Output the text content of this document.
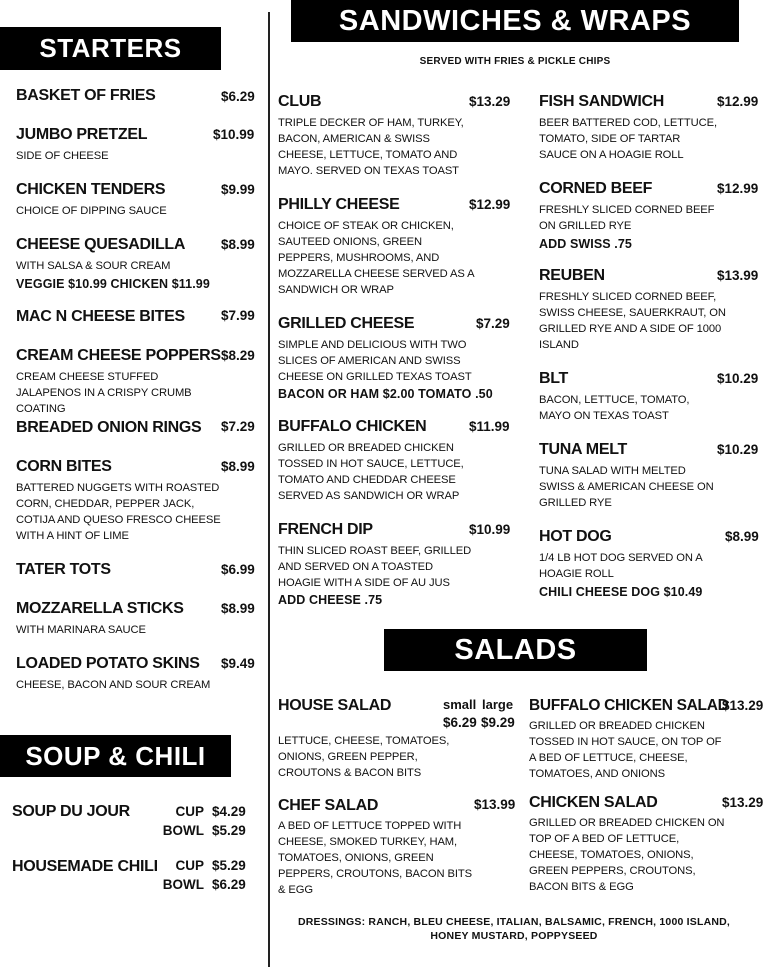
STARTERS
BASKET OF FRIES	$6.29
JUMBO PRETZEL	$10.99
SIDE OF CHEESE
CHICKEN TENDERS	$9.99
CHOICE OF DIPPING SAUCE
CHEESE QUESADILLA	$8.99
WITH SALSA & SOUR CREAM
VEGGIE $10.99 CHICKEN $11.99
MAC N CHEESE BITES	$7.99
CREAM CHEESE POPPERS $8.29
CREAM CHEESE STUFFED JALAPENOS IN A CRISPY CRUMB COATING
BREADED ONION RINGS $7.29
CORN BITES	$8.99
BATTERED NUGGETS WITH ROASTED CORN, CHEDDAR, PEPPER JACK, COTIJA AND QUESO FRESCO CHEESE WITH A HINT OF LIME
TATER TOTS	$6.99
MOZZARELLA STICKS	$8.99
WITH MARINARA SAUCE
LOADED POTATO SKINS $9.49
CHEESE, BACON AND SOUR CREAM
SOUP & CHILI
SOUP DU JOUR	CUP $4.29
BOWL $5.29
HOUSEMADE CHILI	CUP $5.29
BOWL $6.29
SANDWICHES & WRAPS
SERVED WITH FRIES & PICKLE CHIPS
CLUB	$13.29
TRIPLE DECKER OF HAM, TURKEY, BACON, AMERICAN & SWISS CHEESE, LETTUCE, TOMATO AND MAYO. SERVED ON TEXAS TOAST
PHILLY CHEESE	$12.99
CHOICE OF STEAK OR CHICKEN, SAUTEED ONIONS, GREEN PEPPERS, MUSHROOMS, AND MOZZARELLA CHEESE SERVED AS A SANDWICH OR WRAP
GRILLED CHEESE	$7.29
SIMPLE AND DELICIOUS WITH TWO SLICES OF AMERICAN AND SWISS CHEESE ON GRILLED TEXAS TOAST
BACON OR HAM $2.00 TOMATO .50
BUFFALO CHICKEN	$11.99
GRILLED OR BREADED CHICKEN TOSSED IN HOT SAUCE, LETTUCE, TOMATO AND CHEDDAR CHEESE SERVED AS SANDWICH OR WRAP
FRENCH DIP	$10.99
THIN SLICED ROAST BEEF, GRILLED AND SERVED ON A TOASTED HOAGIE WITH A SIDE OF AU JUS
ADD CHEESE .75
FISH SANDWICH	$12.99
BEER BATTERED COD, LETTUCE, TOMATO, SIDE OF TARTAR SAUCE ON A HOAGIE ROLL
CORNED BEEF	$12.99
FRESHLY SLICED CORNED BEEF ON GRILLED RYE
ADD SWISS .75
REUBEN	$13.99
FRESHLY SLICED CORNED BEEF, SWISS CHEESE, SAUERKRAUT, ON GRILLED RYE AND A SIDE OF 1000 ISLAND
BLT	$10.29
BACON, LETTUCE, TOMATO, MAYO ON TEXAS TOAST
TUNA MELT	$10.29
TUNA SALAD WITH MELTED SWISS & AMERICAN CHEESE ON GRILLED RYE
HOT DOG	$8.99
1/4 LB HOT DOG SERVED ON A HOAGIE ROLL
CHILI CHEESE DOG $10.49
SALADS
HOUSE SALAD	small large
$6.29 $9.29
LETTUCE, CHEESE, TOMATOES, ONIONS, GREEN PEPPER, CROUTONS & BACON BITS
CHEF SALAD	$13.99
A BED OF LETTUCE TOPPED WITH CHEESE, SMOKED TURKEY, HAM, TOMATOES, ONIONS, GREEN PEPPERS, CROUTONS, BACON BITS & EGG
BUFFALO CHICKEN SALAD
$13.29
GRILLED OR BREADED CHICKEN TOSSED IN HOT SAUCE, ON TOP OF A BED OF LETTUCE, CHEESE, TOMATOES, AND ONIONS
CHICKEN SALAD	$13.29
GRILLED OR BREADED CHICKEN ON TOP OF A BED OF LETTUCE, CHEESE, TOMATOES, ONIONS, GREEN PEPPERS, CROUTONS, BACON BITS & EGG
DRESSINGS: RANCH, BLEU CHEESE, ITALIAN, BALSAMIC, FRENCH, 1000 ISLAND, HONEY MUSTARD, POPPYSEED
